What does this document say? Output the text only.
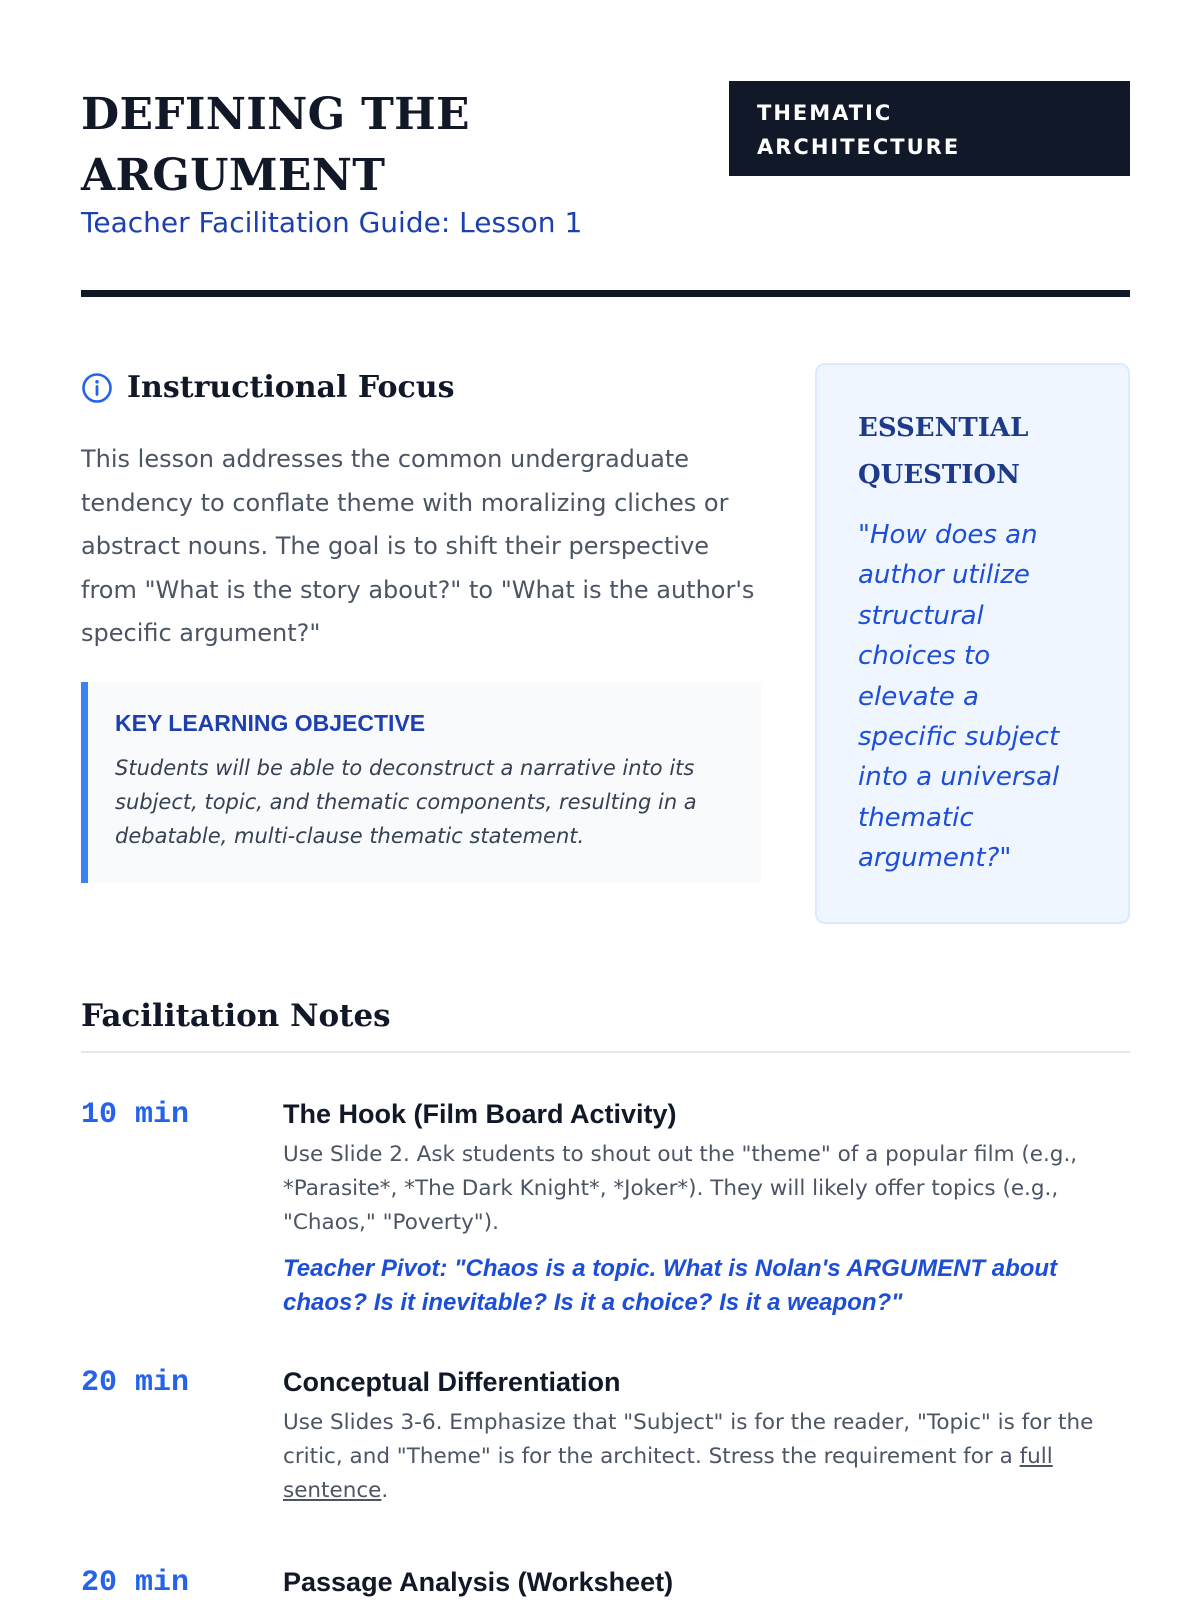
DEFINING THE ARGUMENT
Teacher Facilitation Guide: Lesson 1
THEMATIC ARCHITECTURE
Instructional Focus

This lesson addresses the common undergraduate tendency to conflate theme with moralizing cliches or abstract nouns. The goal is to shift their perspective from "What is the story about?" to "What is the author's specific argument?"

KEY LEARNING OBJECTIVE

Students will be able to deconstruct a narrative into its subject, topic, and thematic components, resulting in a debatable, multi-clause thematic statement.

ESSENTIAL QUESTION

"How does an author utilize structural choices to elevate a specific subject into a universal thematic argument?"

Facilitation Notes
10 min	The Hook (Film Board Activity)

Use Slide 2. Ask students to shout out the "theme" of a popular film (e.g., *Parasite*, *The Dark Knight*, *Joker*). They will likely offer topics (e.g., "Chaos," "Poverty").

Teacher Pivot: "Chaos is a topic. What is Nolan's ARGUMENT about chaos? Is it inevitable? Is it a choice? Is it a weapon?"

20 min	Conceptual Differentiation

Use Slides 3-6. Emphasize that "Subject" is for the reader, "Topic" is for the critic, and "Theme" is for the architect. Stress the requirement for a full sentence.

20 min	Passage Analysis (Worksheet)
